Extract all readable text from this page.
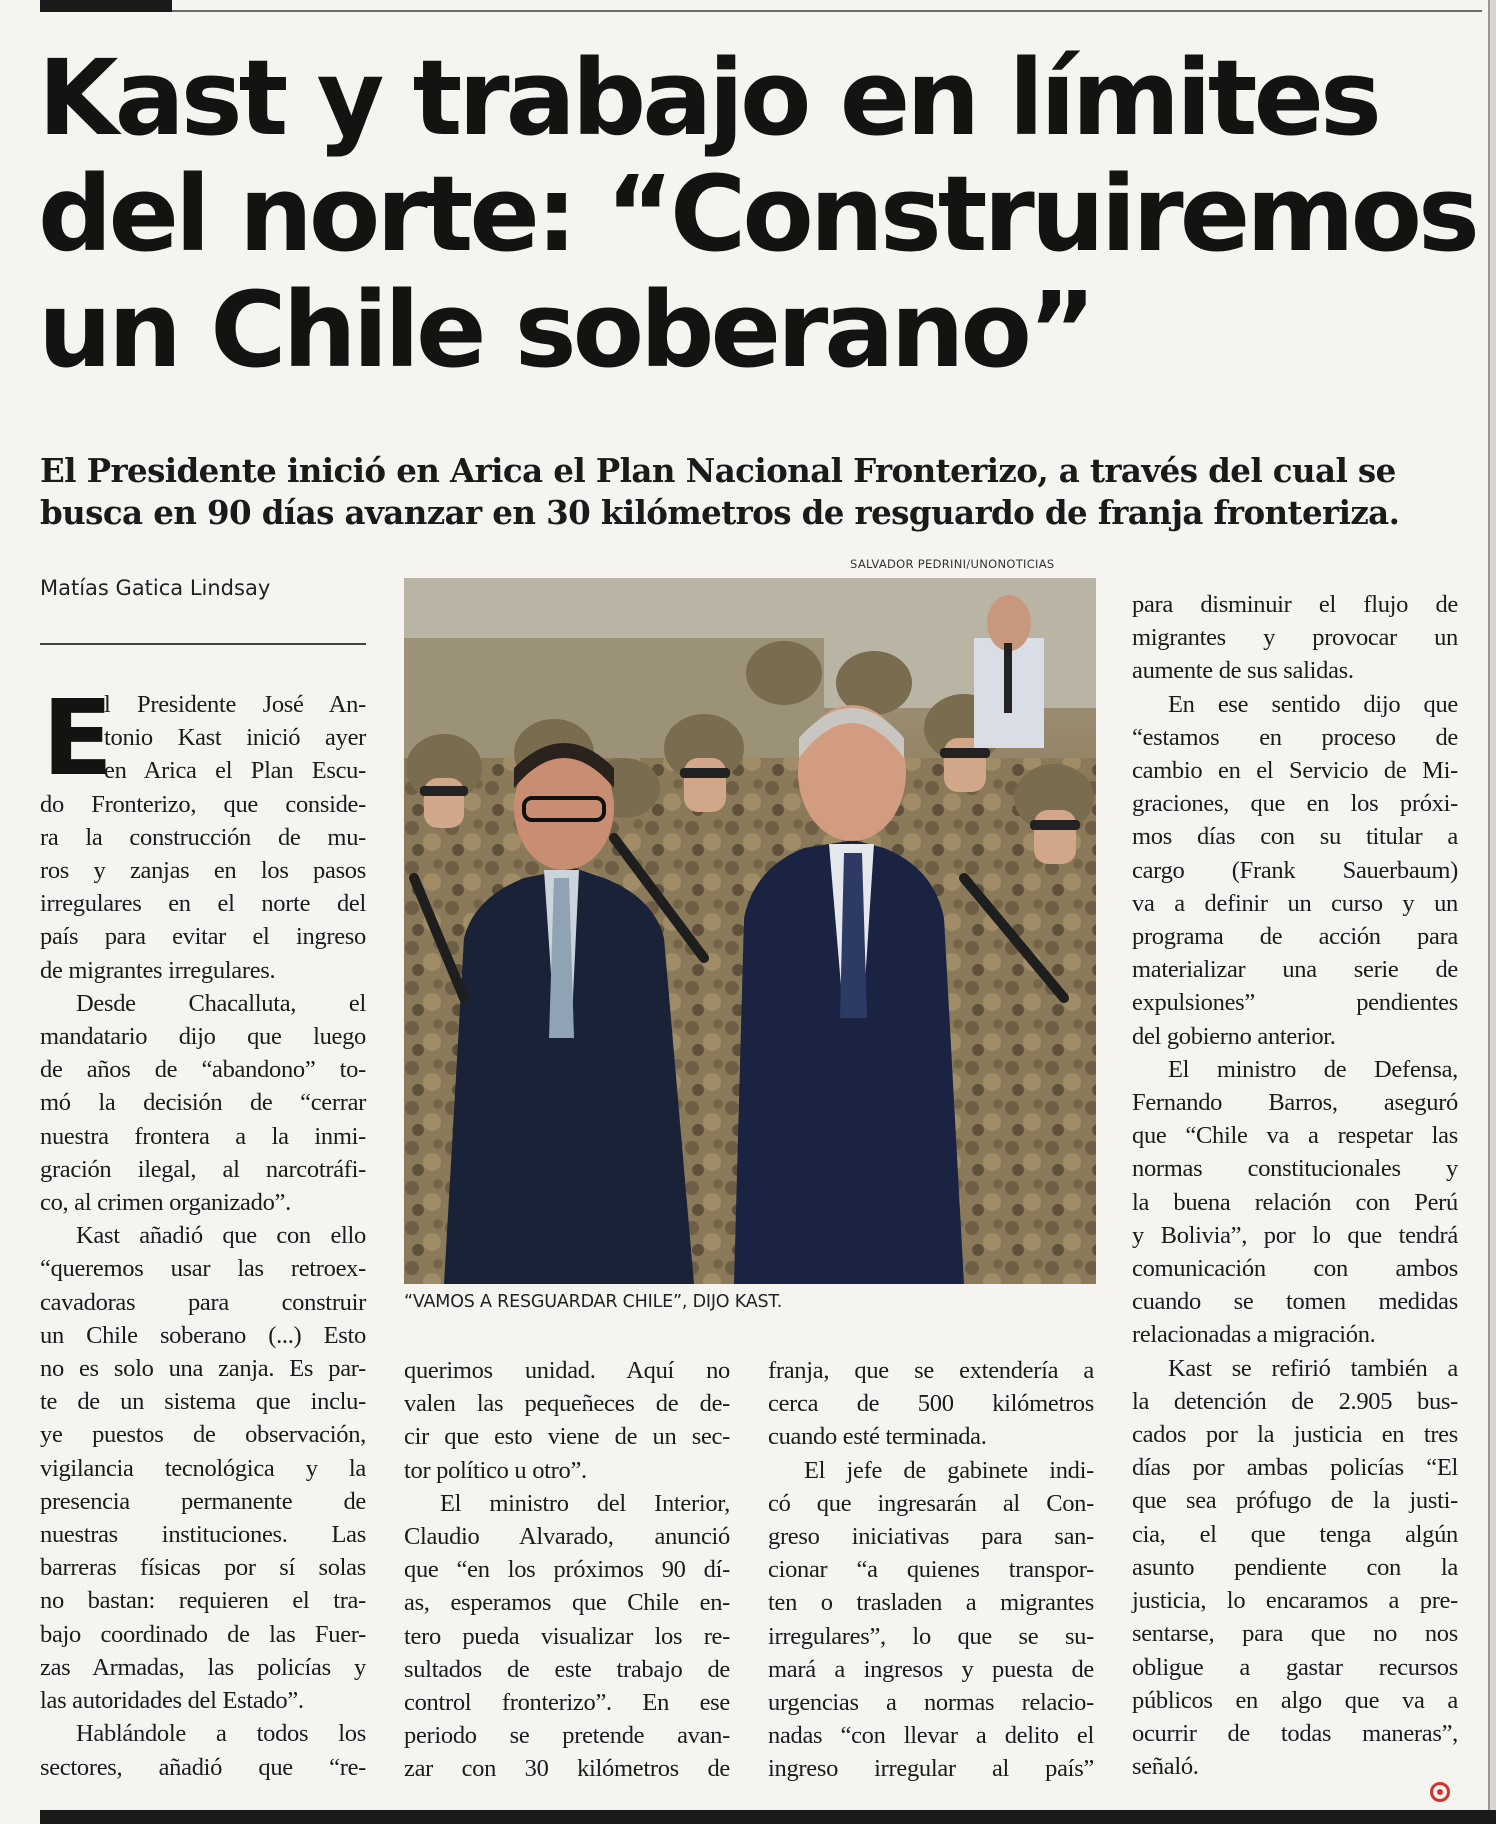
Kast y trabajo en límites
del norte: “Construiremos
un Chile soberano”

El Presidente inició en Arica el Plan Nacional Fronterizo, a través del cual se
busca en 90 días avanzar en 30 kilómetros de resguardo de franja fronteriza.

Matías Gatica Lindsay
SALVADOR PEDRINI/UNONOTICIAS
“VAMOS A RESGUARDAR CHILE”, DIJO KAST.
E

l Presidente José An-
tonio Kast inició ayer
en Arica el Plan Escu-
do Fronterizo, que conside-
ra la construcción de mu-
ros y zanjas en los pasos
irregulares en el norte del
país para evitar el ingreso
de migrantes irregulares.
Desde Chacalluta, el
mandatario dijo que luego
de años de “abandono” to-
mó la decisión de “cerrar
nuestra frontera a la inmi-
gración ilegal, al narcotráfi-
co, al crimen organizado”.
Kast añadió que con ello
“queremos usar las retroex-
cavadoras para construir
un Chile soberano (...) Esto
no es solo una zanja. Es par-
te de un sistema que inclu-
ye puestos de observación,
vigilancia tecnológica y la
presencia permanente de
nuestras instituciones. Las
barreras físicas por sí solas
no bastan: requieren el tra-
bajo coordinado de las Fuer-
zas Armadas, las policías y
las autoridades del Estado”.
Hablándole a todos los
sectores, añadió que “re-

querimos unidad. Aquí no
valen las pequeñeces de de-
cir que esto viene de un sec-
tor político u otro”.
El ministro del Interior,
Claudio Alvarado, anunció
que “en los próximos 90 dí-
as, esperamos que Chile en-
tero pueda visualizar los re-
sultados de este trabajo de
control fronterizo”. En ese
periodo se pretende avan-
zar con 30 kilómetros de

franja, que se extendería a
cerca de 500 kilómetros
cuando esté terminada.
El jefe de gabinete indi-
có que ingresarán al Con-
greso iniciativas para san-
cionar “a quienes transpor-
ten o trasladen a migrantes
irregulares”, lo que se su-
mará a ingresos y puesta de
urgencias a normas relacio-
nadas “con llevar a delito el
ingreso irregular al país”

para disminuir el flujo de
migrantes y provocar un
aumente de sus salidas.
En ese sentido dijo que
“estamos en proceso de
cambio en el Servicio de Mi-
graciones, que en los próxi-
mos días con su titular a
cargo (Frank Sauerbaum)
va a definir un curso y un
programa de acción para
materializar una serie de
expulsiones” pendientes
del gobierno anterior.
El ministro de Defensa,
Fernando Barros, aseguró
que “Chile va a respetar las
normas constitucionales y
la buena relación con Perú
y Bolivia”, por lo que tendrá
comunicación con ambos
cuando se tomen medidas
relacionadas a migración.
Kast se refirió también a
la detención de 2.905 bus-
cados por la justicia en tres
días por ambas policías “El
que sea prófugo de la justi-
cia, el que tenga algún
asunto pendiente con la
justicia, lo encaramos a pre-
sentarse, para que no nos
obligue a gastar recursos
públicos en algo que va a
ocurrir de todas maneras”,
señaló.
